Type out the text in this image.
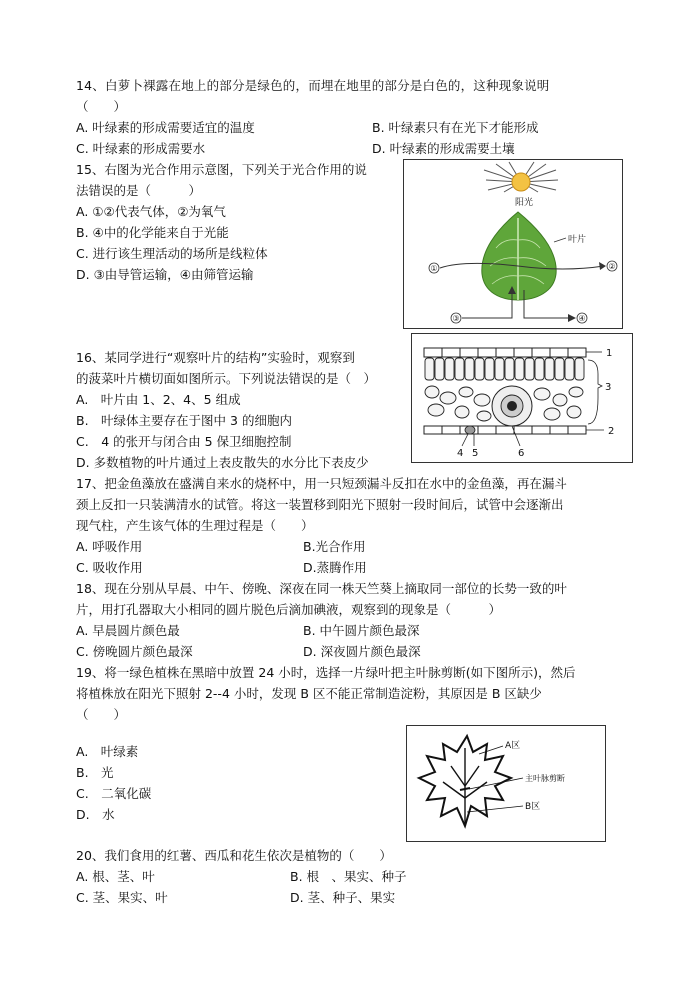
14、白萝卜裸露在地上的部分是绿色的，而埋在地里的部分是白色的，这种现象说明
（　　）
A. 叶绿素的形成需要适宜的温度	B. 叶绿素只有在光下才能形成
C. 叶绿素的形成需要水	D. 叶绿素的形成需要土壤
15、右图为光合作用示意图，下列关于光合作用的说
法错误的是（　　　）
A. ①②代表气体，②为氧气
B. ④中的化学能来自于光能
C. 进行该生理活动的场所是线粒体
D. ③由导管运输，④由筛管运输
阳光
叶片
①	②
③	④
16、某同学进行“观察叶片的结构”实验时，观察到
的菠菜叶片横切面如图所示。下列说法错误的是（　）
A.　叶片由 1、2、4、5 组成
B.　叶绿体主要存在于图中 3 的细胞内
C.　4 的张开与闭合由 5 保卫细胞控制
D. 多数植物的叶片通过上表皮散失的水分比下表皮少
1
3
2
4 5	6
17、把金鱼藻放在盛满自来水的烧杯中，用一只短颈漏斗反扣在水中的金鱼藻，再在漏斗
颈上反扣一只装满清水的试管。将这一装置移到阳光下照射一段时间后，试管中会逐渐出
现气柱，产生该气体的生理过程是（　　）
A. 呼吸作用	B.光合作用
C. 吸收作用	D.蒸腾作用
18、现在分别从早晨、中午、傍晚、深夜在同一株天竺葵上摘取同一部位的长势一致的叶
片，用打孔器取大小相同的圆片脱色后滴加碘液，观察到的现象是（　　　）
A. 早晨圆片颜色最	B. 中午圆片颜色最深
C. 傍晚圆片颜色最深	D. 深夜圆片颜色最深
19、将一绿色植株在黑暗中放置 24 小时，选择一片绿叶把主叶脉剪断(如下图所示)，然后
将植株放在阳光下照射 2--4 小时，发现 B 区不能正常制造淀粉，其原因是 B 区缺少
（　　）
A.　叶绿素
B.　光
C.　二氧化碳
D.　水
A区
主叶脉剪断
B区
20、我们食用的红薯、西瓜和花生依次是植物的（　　）
A. 根、茎、叶	B. 根　、果实、种子
C. 茎、果实、叶	D. 茎、种子、果实
